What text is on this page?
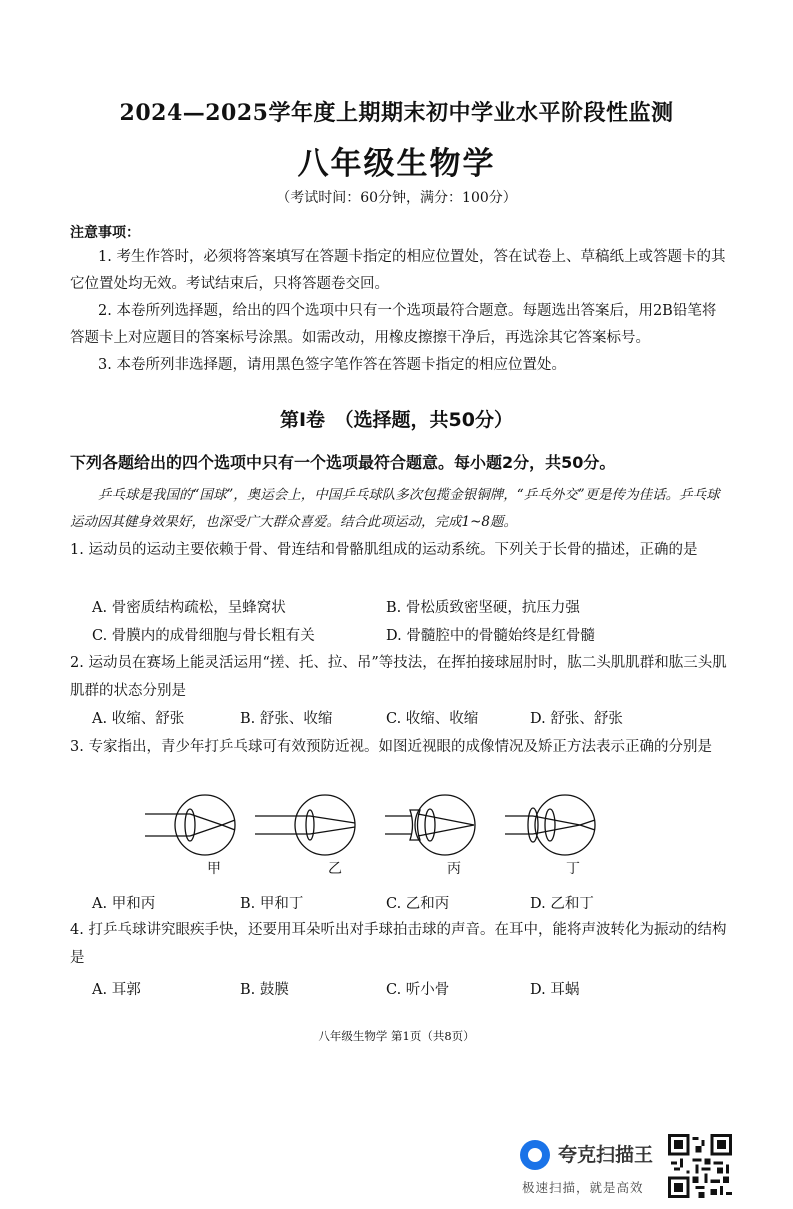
2024—2025学年度上期期末初中学业水平阶段性监测
八年级生物学
（考试时间：60分钟，满分：100分）
注意事项：
1. 考生作答时，必须将答案填写在答题卡指定的相应位置处，答在试卷上、草稿纸上或答题卡的其它位置处均无效。考试结束后，只将答题卷交回。
2. 本卷所列选择题，给出的四个选项中只有一个选项最符合题意。每题选出答案后，用2B铅笔将答题卡上对应题目的答案标号涂黑。如需改动，用橡皮擦擦干净后，再选涂其它答案标号。
3. 本卷所列非选择题，请用黑色签字笔作答在答题卡指定的相应位置处。
第Ⅰ卷　（选择题，共50分）
下列各题给出的四个选项中只有一个选项最符合题意。每小题2分，共50分。
乒乓球是我国的“国球”，奥运会上，中国乒乓球队多次包揽金银铜牌，“乒乓外交”更是传为佳话。乒乓球运动因其健身效果好，也深受广大群众喜爱。结合此项运动，完成1~8题。
1. 运动员的运动主要依赖于骨、骨连结和骨骼肌组成的运动系统。下列关于长骨的描述，正确的是
A. 骨密质结构疏松，呈蜂窝状	B. 骨松质致密坚硬，抗压力强
C. 骨膜内的成骨细胞与骨长粗有关	D. 骨髓腔中的骨髓始终是红骨髓
2. 运动员在赛场上能灵活运用“搓、托、拉、吊”等技法，在挥拍接球屈肘时，肱二头肌肌群和肱三头肌肌群的状态分别是
A. 收缩、舒张	B. 舒张、收缩	C. 收缩、收缩	D. 舒张、舒张
3. 专家指出，青少年打乒乓球可有效预防近视。如图近视眼的成像情况及矫正方法表示正确的分别是
甲	乙	丙	丁
A. 甲和丙	B. 甲和丁	C. 乙和丙	D. 乙和丁
4. 打乒乓球讲究眼疾手快，还要用耳朵听出对手球拍击球的声音。在耳中，能将声波转化为振动的结构是
A. 耳郭	B. 鼓膜	C. 听小骨	D. 耳蜗
八年级生物学 第1页（共8页）
夸克扫描王
极速扫描，就是高效
